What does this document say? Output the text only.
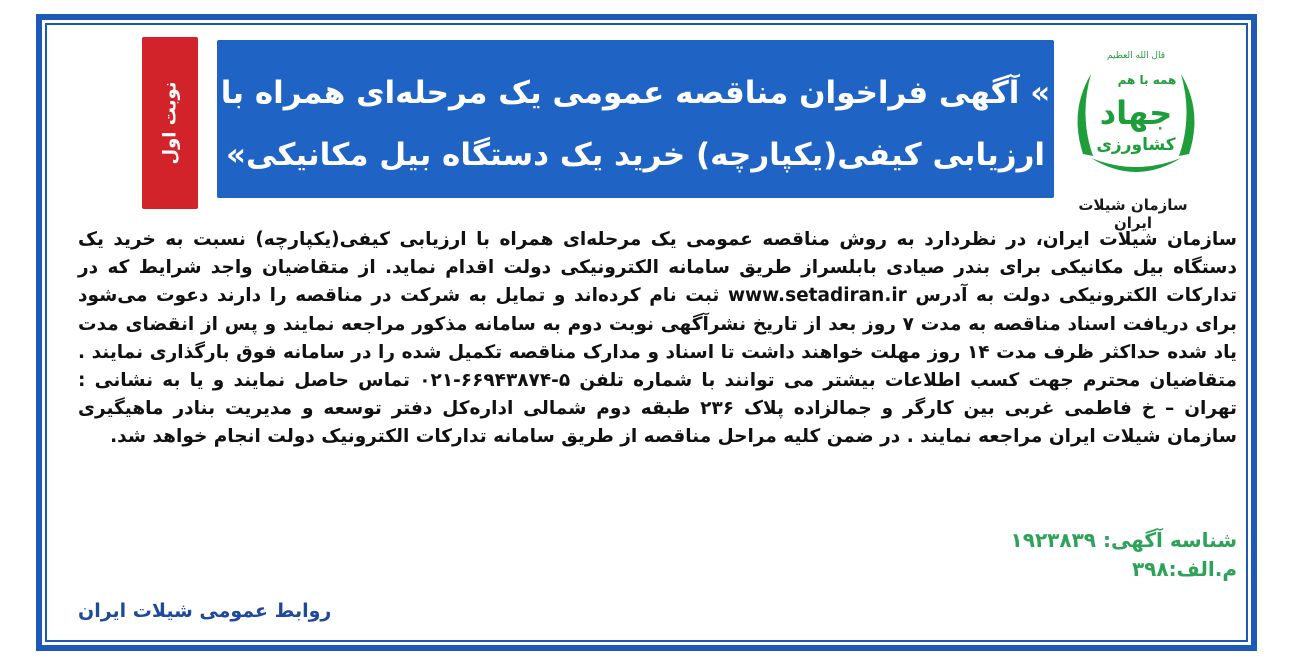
نوبت اول » آگهی فراخوان مناقصه عمومی یک مرحله‌ای همراه با ارزیابی کیفی(یکپارچه) خرید یک دستگاه بیل مکانیکی»
قال الله العظیم
همه با هم
جهاد
کشاورزی
سازمان شیلات ایران
سازمان شیلات ایران، در نظردارد به روش مناقصه عمومی یک مرحله‌ای همراه با ارزیابی کیفی(یکپارچه) نسبت به خرید یک دستگاه بیل مکانیکی برای بندر صیادی بابلسراز طریق سامانه الکترونیکی دولت اقدام نماید. از متقاضیان واجد شرایط که در تدارکات الکترونیکی دولت به آدرس www.setadiran.ir ثبت نام کرده‌اند و تمایل به شرکت در مناقصه را دارند دعوت می‌شود برای دریافت اسناد مناقصه به مدت ۷ روز بعد از تاریخ نشرآگهی نوبت دوم به سامانه مذکور مراجعه نمایند و پس از انقضای مدت یاد شده حداکثر ظرف مدت ۱۴ روز مهلت خواهند داشت تا اسناد و مدارک مناقصه تکمیل شده را در سامانه فوق بارگذاری نمایند . متقاضیان محترم جهت کسب اطلاعات بیشتر می توانند با شماره تلفن ۵-۶۶۹۴۳۸۷۴-۰۲۱ تماس حاصل نمایند و یا به نشانی : تهران – خ فاطمی غربی بین کارگر و جمالزاده پلاک ۲۳۶ طبقه دوم شمالی اداره‌کل دفتر توسعه و مدیریت بنادر ماهیگیری سازمان شیلات ایران مراجعه نمایند . در ضمن کلیه مراحل مناقصه از طریق سامانه تدارکات الکترونیک دولت انجام خواهد شد.
شناسه آگهی: ۱۹۲۳۸۳۹
م.الف:۳۹۸
روابط عمومی شیلات ایران
